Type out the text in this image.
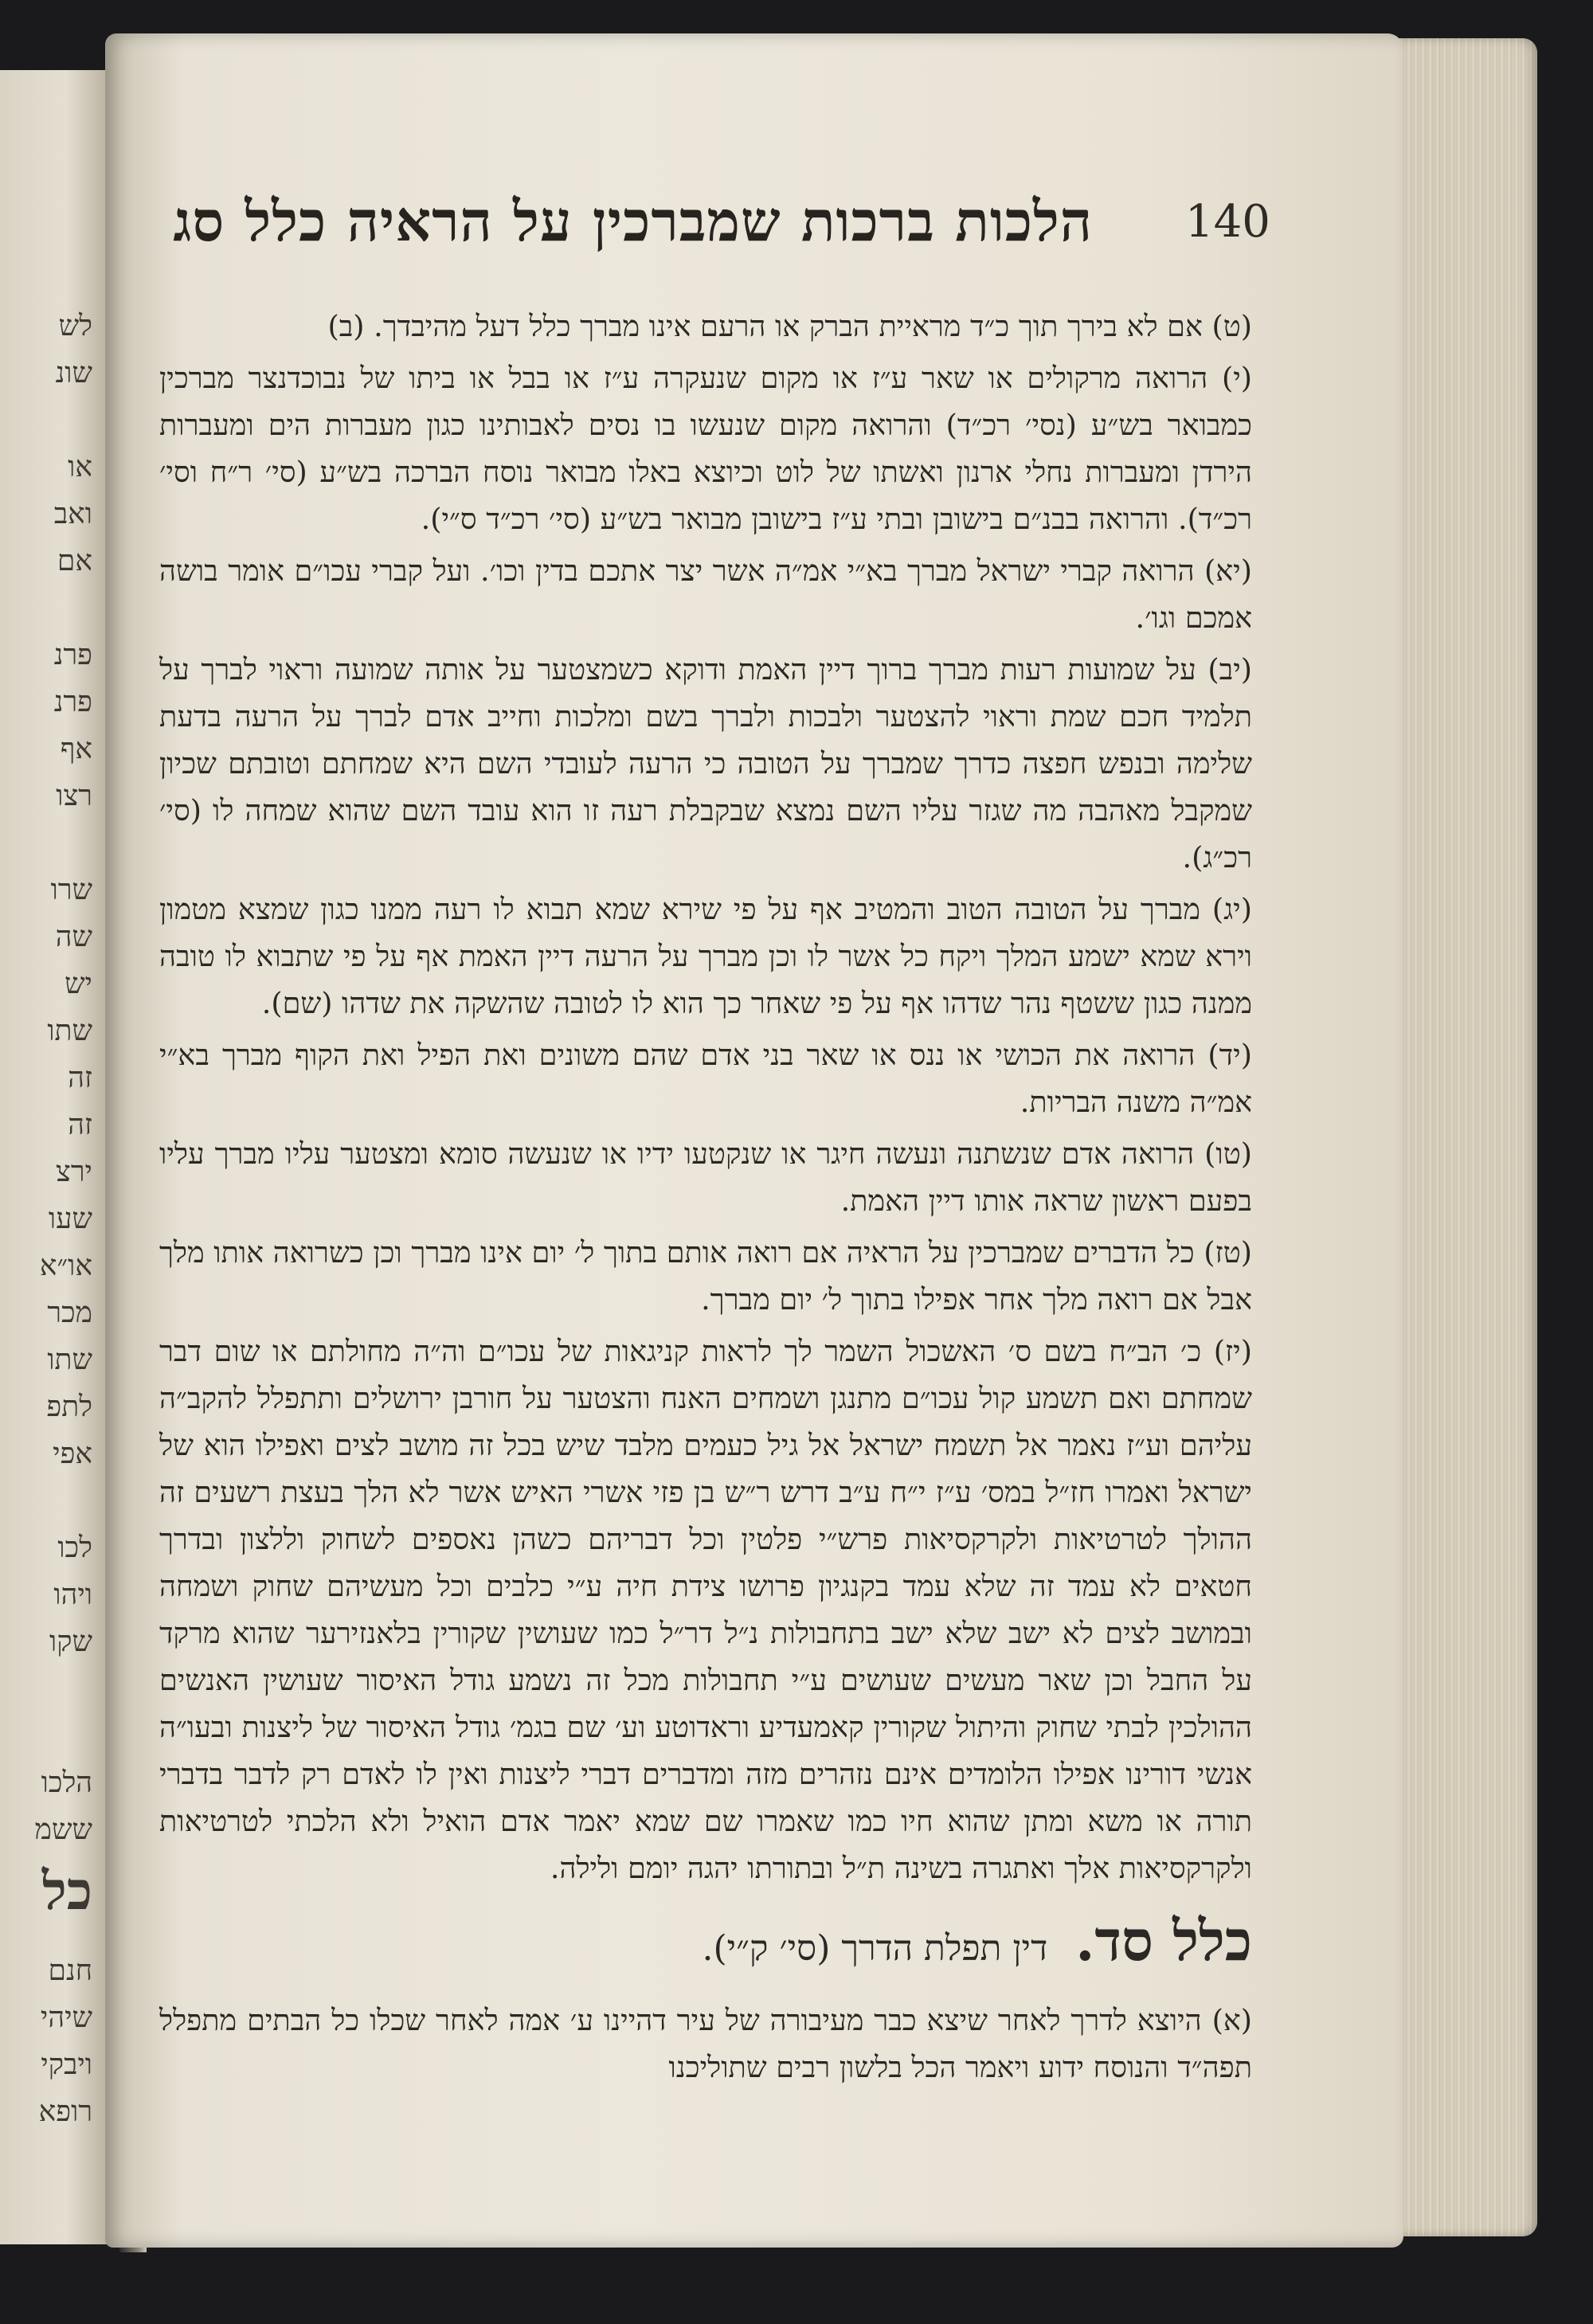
לש
שונ
או
ואב
אם
פרנ
פרנ
אף
רצו
שרו
שה
יש
שתו
זה
זה
ירצ
שעו
או״א
מכר
שתו
לתפ
אפי
לכו
ויהו
שקו
הלכו
ששמ
כל
חנם
שיהי
ויבקי
רופא
140
הלכות ברכות שמברכין על הראיה כלל סג

(ט) אם לא בירך תוך כ״ד מראיית הברק או הרעם אינו מברך כלל דעל מהיבדך. (ב)

(י) הרואה מרקולים או שאר ע״ז או מקום שנעקרה ע״ז או בבל או ביתו של נבוכדנצר מברכין כמבואר בש״ע (נסי׳ רכ״ד) והרואה מקום שנעשו בו נסים לאבותינו כגון מעברות הים ומעברות הירדן ומעברות נחלי ארנון ואשתו של לוט וכיוצא באלו מבואר נוסח הברכה בש״ע (סי׳ ר״ח וסי׳ רכ״ד). והרואה בבנ״ם בישובן ובתי ע״ז בישובן מבואר בש״ע (סי׳ רכ״ד ס״י).

(יא) הרואה קברי ישראל מברך בא״י אמ״ה אשר יצר אתכם בדין וכו׳. ועל קברי עכו״ם אומר בושה אמכם וגו׳.

(יב) על שמועות רעות מברך ברוך דיין האמת ודוקא כשמצטער על אותה שמועה וראוי לברך על תלמיד חכם שמת וראוי להצטער ולבכות ולברך בשם ומלכות וחייב אדם לברך על הרעה בדעת שלימה ובנפש חפצה כדרך שמברך על הטובה כי הרעה לעובדי השם היא שמחתם וטובתם שכיון שמקבל מאהבה מה שגזר עליו השם נמצא שבקבלת רעה זו הוא עובד השם שהוא שמחה לו (סי׳ רכ״ג).

(יג) מברך על הטובה הטוב והמטיב אף על פי שירא שמא תבוא לו רעה ממנו כגון שמצא מטמון וירא שמא ישמע המלך ויקח כל אשר לו וכן מברך על הרעה דיין האמת אף על פי שתבוא לו טובה ממנה כגון ששטף נהר שדהו אף על פי שאחר כך הוא לו לטובה שהשקה את שדהו (שם).

(יד) הרואה את הכושי או ננס או שאר בני אדם שהם משונים ואת הפיל ואת הקוף מברך בא״י אמ״ה משנה הבריות.

(טו) הרואה אדם שנשתנה ונעשה חיגר או שנקטעו ידיו או שנעשה סומא ומצטער עליו מברך עליו בפעם ראשון שראה אותו דיין האמת.

(טז) כל הדברים שמברכין על הראיה אם רואה אותם בתוך ל׳ יום אינו מברך וכן כשרואה אותו מלך אבל אם רואה מלך אחר אפילו בתוך ל׳ יום מברך.

(יז) כ׳ הב״ח בשם ס׳ האשכול השמר לך לראות קניגאות של עכו״ם וה״ה מחולתם או שום דבר שמחתם ואם תשמע קול עכו״ם מתנגן ושמחים האנח והצטער על חורבן ירושלים ותתפלל להקב״ה עליהם וע״ז נאמר אל תשמח ישראל אל גיל כעמים מלבד שיש בכל זה מושב לצים ואפילו הוא של ישראל ואמרו חז״ל במס׳ ע״ז י״ח ע״ב דרש ר״ש בן פזי אשרי האיש אשר לא הלך בעצת רשעים זה ההולך לטרטיאות ולקרקסיאות פרש״י פלטין וכל דבריהם כשהן נאספים לשחוק וללצון ובדרך חטאים לא עמד זה שלא עמד בקנגיון פרושו צידת חיה ע״י כלבים וכל מעשיהם שחוק ושמחה ובמושב לצים לא ישב שלא ישב בתחבולות נ״ל דר״ל כמו שעושין שקורין בלאנזירער שהוא מרקד על החבל וכן שאר מעשים שעושים ע״י תחבולות מכל זה נשמע גודל האיסור שעושין האנשים ההולכין לבתי שחוק והיתול שקורין קאמעדיע וראדוטע וע׳ שם בגמ׳ גודל האיסור של ליצנות ובעו״ה אנשי דורינו אפילו הלומדים אינם נזהרים מזה ומדברים דברי ליצנות ואין לו לאדם רק לדבר בדברי תורה או משא ומתן שהוא חיו כמו שאמרו שם שמא יאמר אדם הואיל ולא הלכתי לטרטיאות ולקרקסיאות אלך ואתגרה בשינה ת״ל ובתורתו יהגה יומם ולילה.

כלל סד.   דין תפלת הדרך (סי׳ ק״י).

(א) היוצא לדרך לאחר שיצא כבר מעיבורה של עיר דהיינו ע׳ אמה לאחר שכלו כל הבתים מתפלל תפה״ד והנוסח ידוע ויאמר הכל בלשון רבים שתוליכנו
